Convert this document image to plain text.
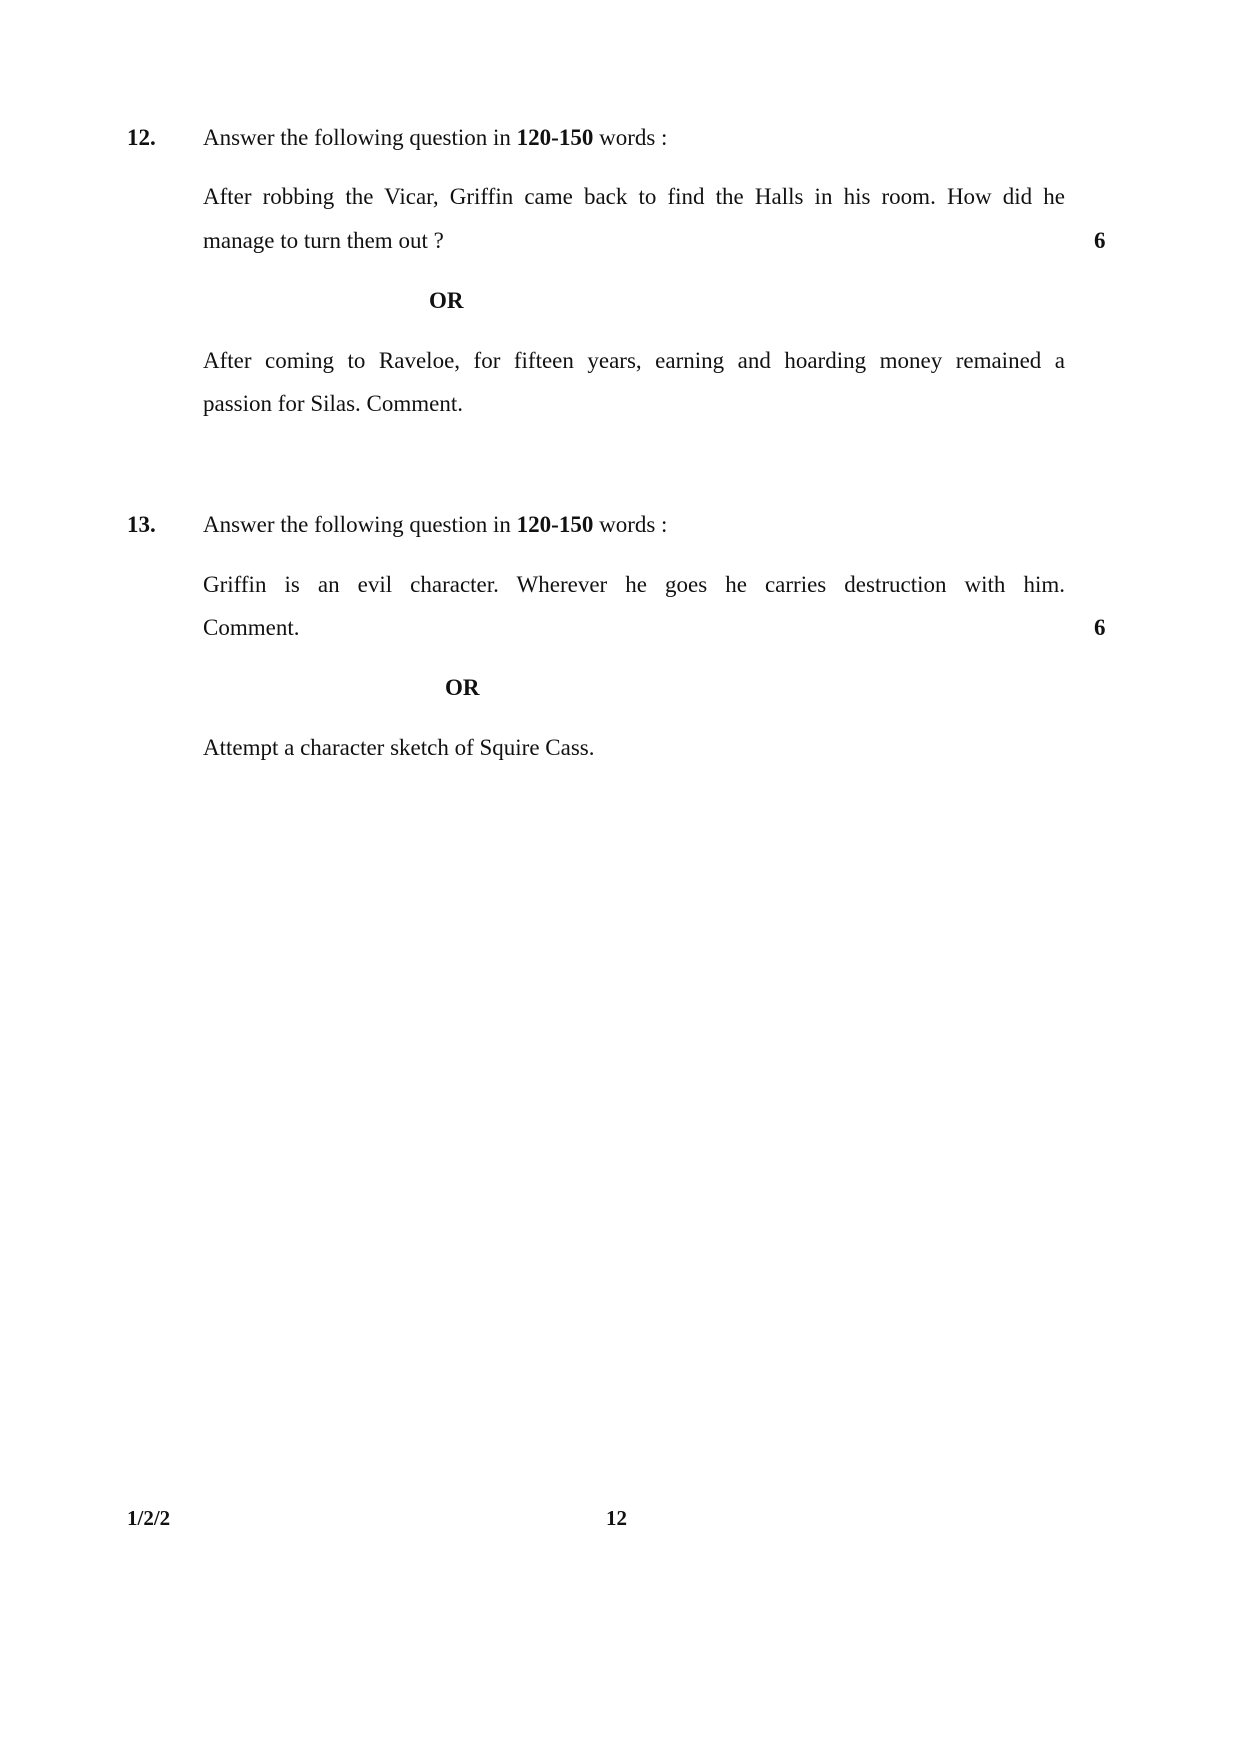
12. Answer the following question in 120-150 words :
After robbing the Vicar, Griffin came back to find the Halls in his room. How did he
manage to turn them out ?	6
OR
After coming to Raveloe, for fifteen years, earning and hoarding money remained a
passion for Silas. Comment.
13. Answer the following question in 120-150 words :
Griffin is an evil character. Wherever he goes he carries destruction with him.
Comment.	6
OR
Attempt a character sketch of Squire Cass.
1/2/2	12
